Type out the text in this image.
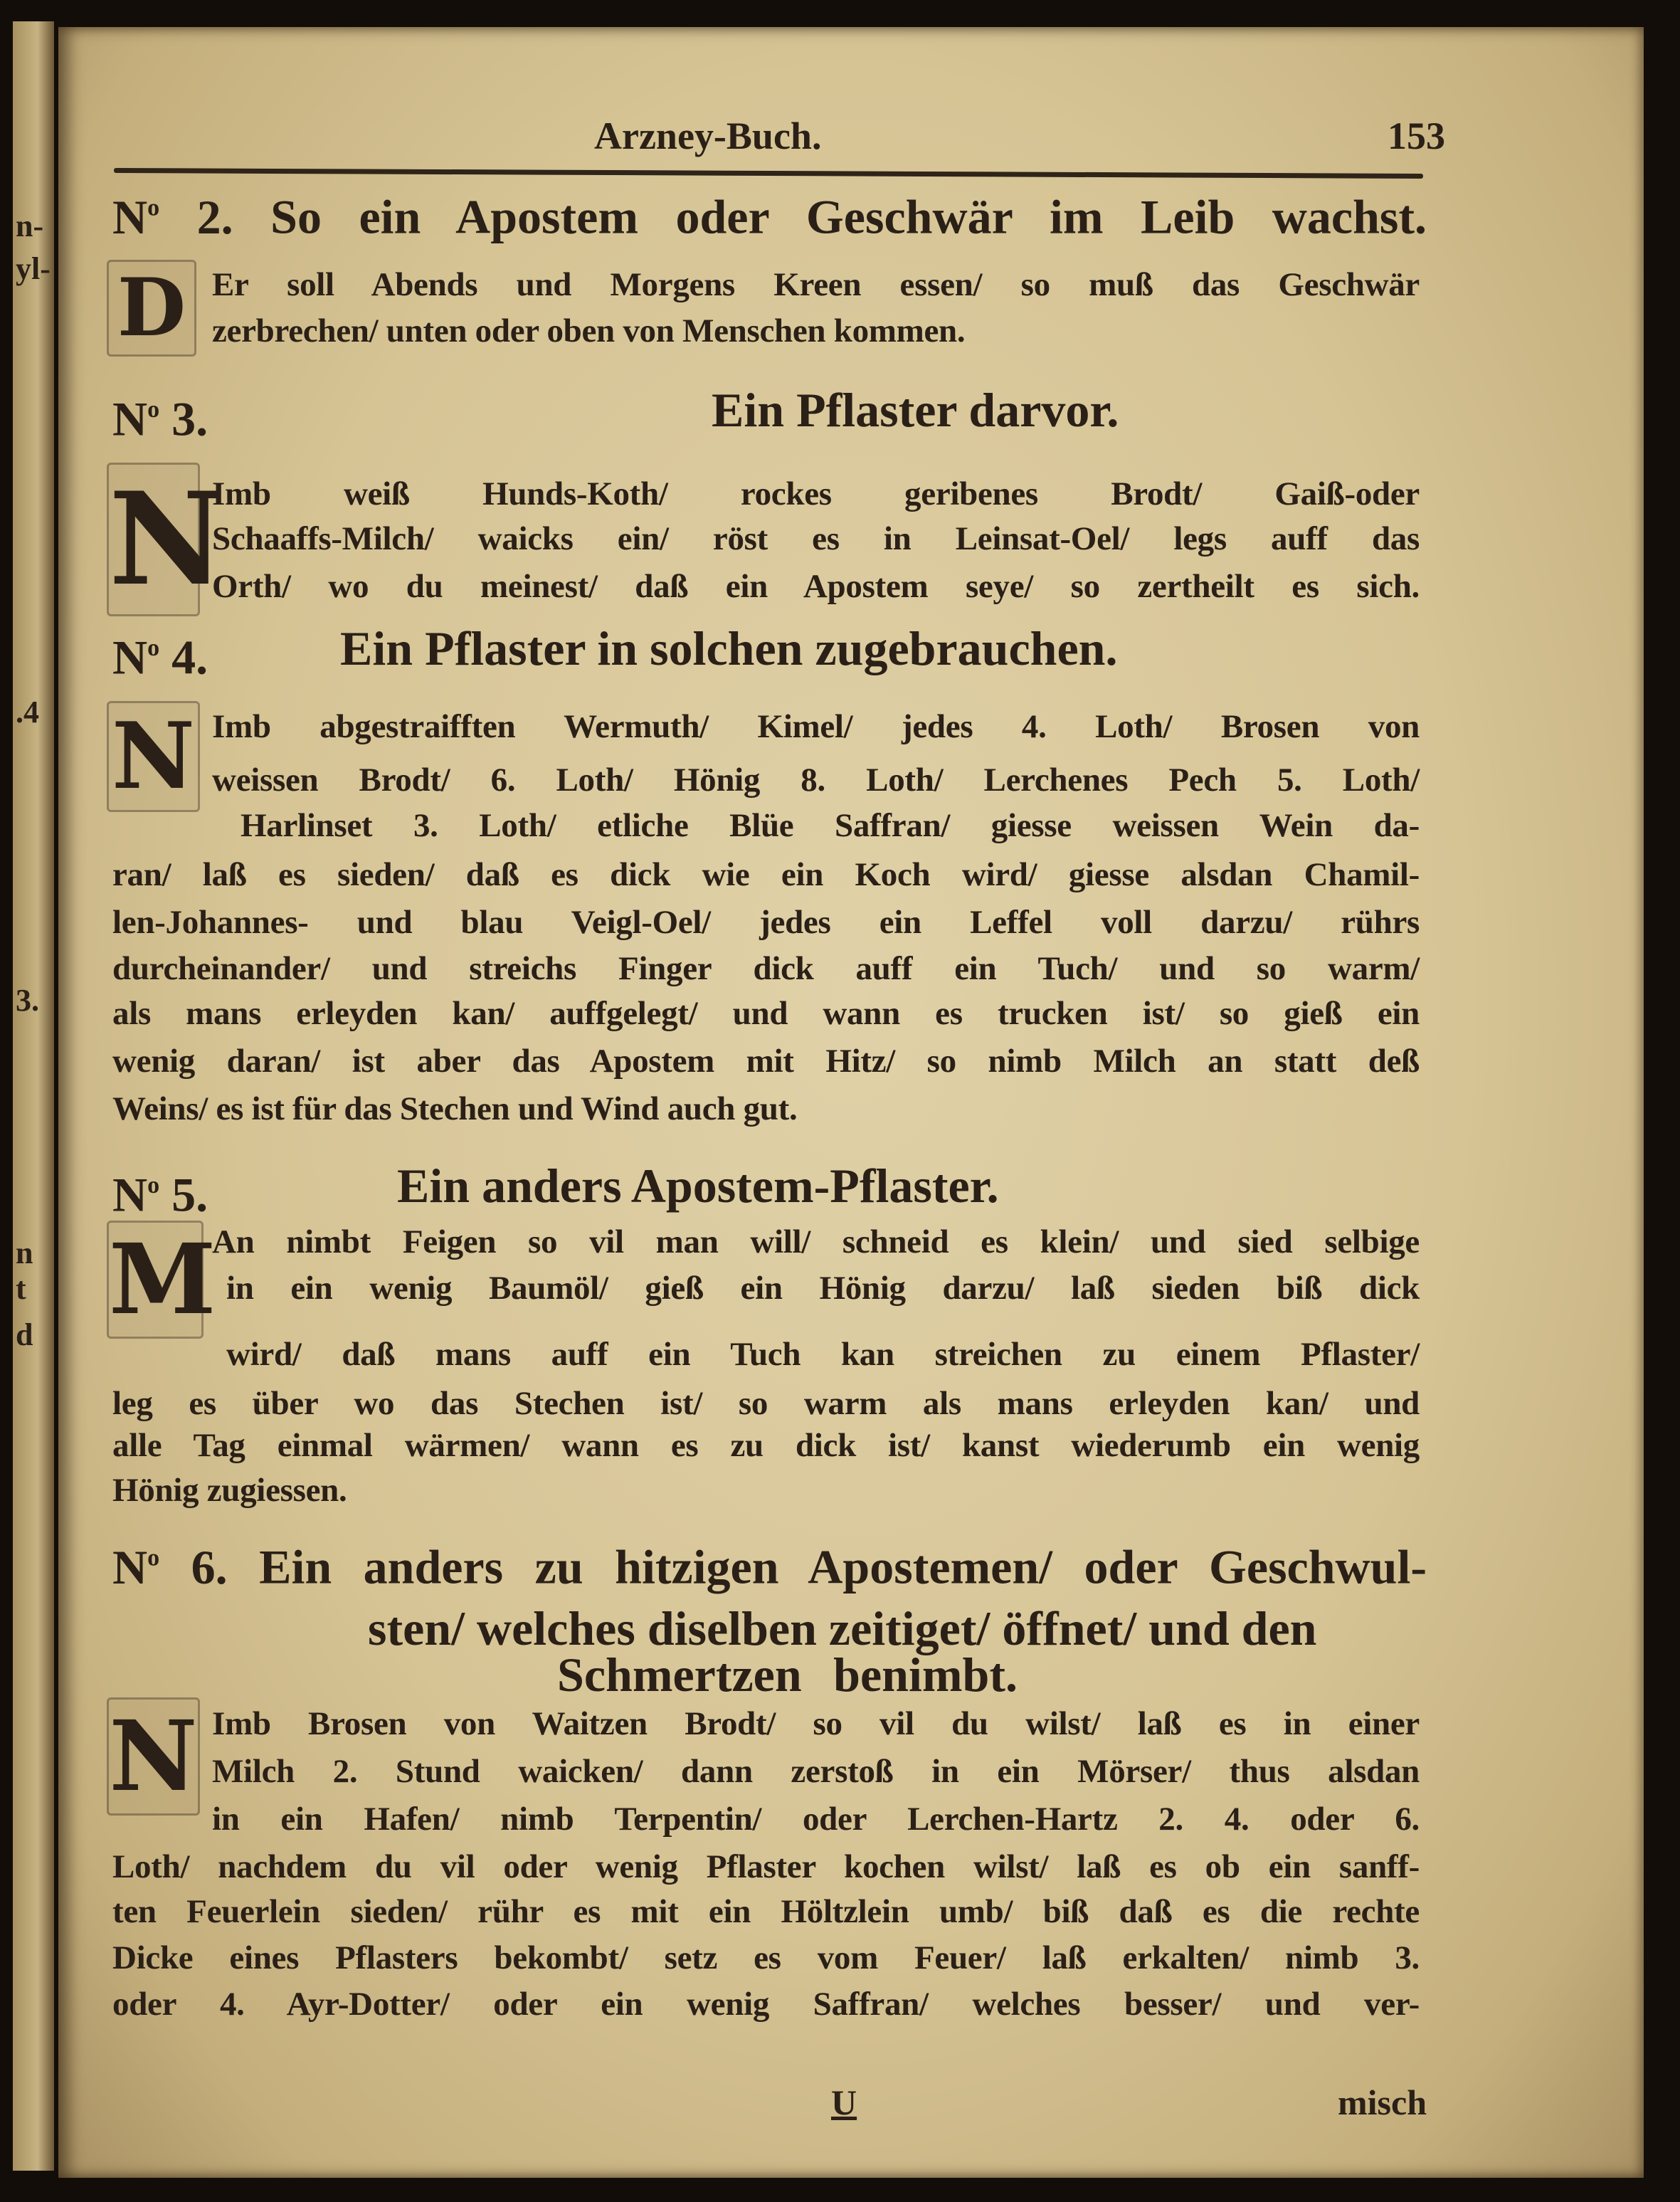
Arzney-Buch.	153
U	misch
n-
yl-
.4
3.
n
t
d
$N^o$ 2. So ein Apostem oder Geschwär im Leib wachst.
D Er soll Abends und Morgens Kreen essen/ so muß das Geschwär
zerbrechen/ unten oder oben von Menschen kommen.
$N^o$ 3.	Ein Pflaster darvor.
N
Imb weiß Hunds-Koth/ rockes geribenes Brodt/ Gaiß-oder
Schaaffs-Milch/ waicks ein/ röst es in Leinsat-Oel/ legs auff das
Orth/ wo du meinest/ daß ein Apostem seye/ so zertheilt es sich.
$N^o$ 4.	Ein Pflaster in solchen zugebrauchen.
N Imb abgestraifften Wermuth/ Kimel/ jedes 4. Loth/ Brosen von
weissen Brodt/ 6. Loth/ Hönig 8. Loth/ Lerchenes Pech 5. Loth/
Harlinset 3. Loth/ etliche Blüe Saffran/ giesse weissen Wein da-
ran/ laß es sieden/ daß es dick wie ein Koch wird/ giesse alsdan Chamil-
len-Johannes- und blau Veigl-Oel/ jedes ein Leffel voll darzu/ rührs
durcheinander/ und streichs Finger dick auff ein Tuch/ und so warm/
als mans erleyden kan/ auffgelegt/ und wann es trucken ist/ so gieß ein
wenig daran/ ist aber das Apostem mit Hitz/ so nimb Milch an statt deß
Weins/ es ist für das Stechen und Wind auch gut.
$N^o$ 5.	Ein anders Apostem-Pflaster.
M
An nimbt Feigen so vil man will/ schneid es klein/ und sied selbige
in ein wenig Baumöl/ gieß ein Hönig darzu/ laß sieden biß dick
wird/ daß mans auff ein Tuch kan streichen zu einem Pflaster/
leg es über wo das Stechen ist/ so warm als mans erleyden kan/ und
alle Tag einmal wärmen/ wann es zu dick ist/ kanst wiederumb ein wenig
Hönig zugiessen.
$N^o$ 6. Ein anders zu hitzigen Apostemen/ oder Geschwul-
sten/ welches diselben zeitiget/ öffnet/ und den
Schmertzen benimbt.
N Imb Brosen von Waitzen Brodt/ so vil du wilst/ laß es in einer
Milch 2. Stund waicken/ dann zerstoß in ein Mörser/ thus alsdan
in ein Hafen/ nimb Terpentin/ oder Lerchen-Hartz 2. 4. oder 6.
Loth/ nachdem du vil oder wenig Pflaster kochen wilst/ laß es ob ein sanff-
ten Feuerlein sieden/ rühr es mit ein Höltzlein umb/ biß daß es die rechte
Dicke eines Pflasters bekombt/ setz es vom Feuer/ laß erkalten/ nimb 3.
oder 4. Ayr-Dotter/ oder ein wenig Saffran/ welches besser/ und ver-
